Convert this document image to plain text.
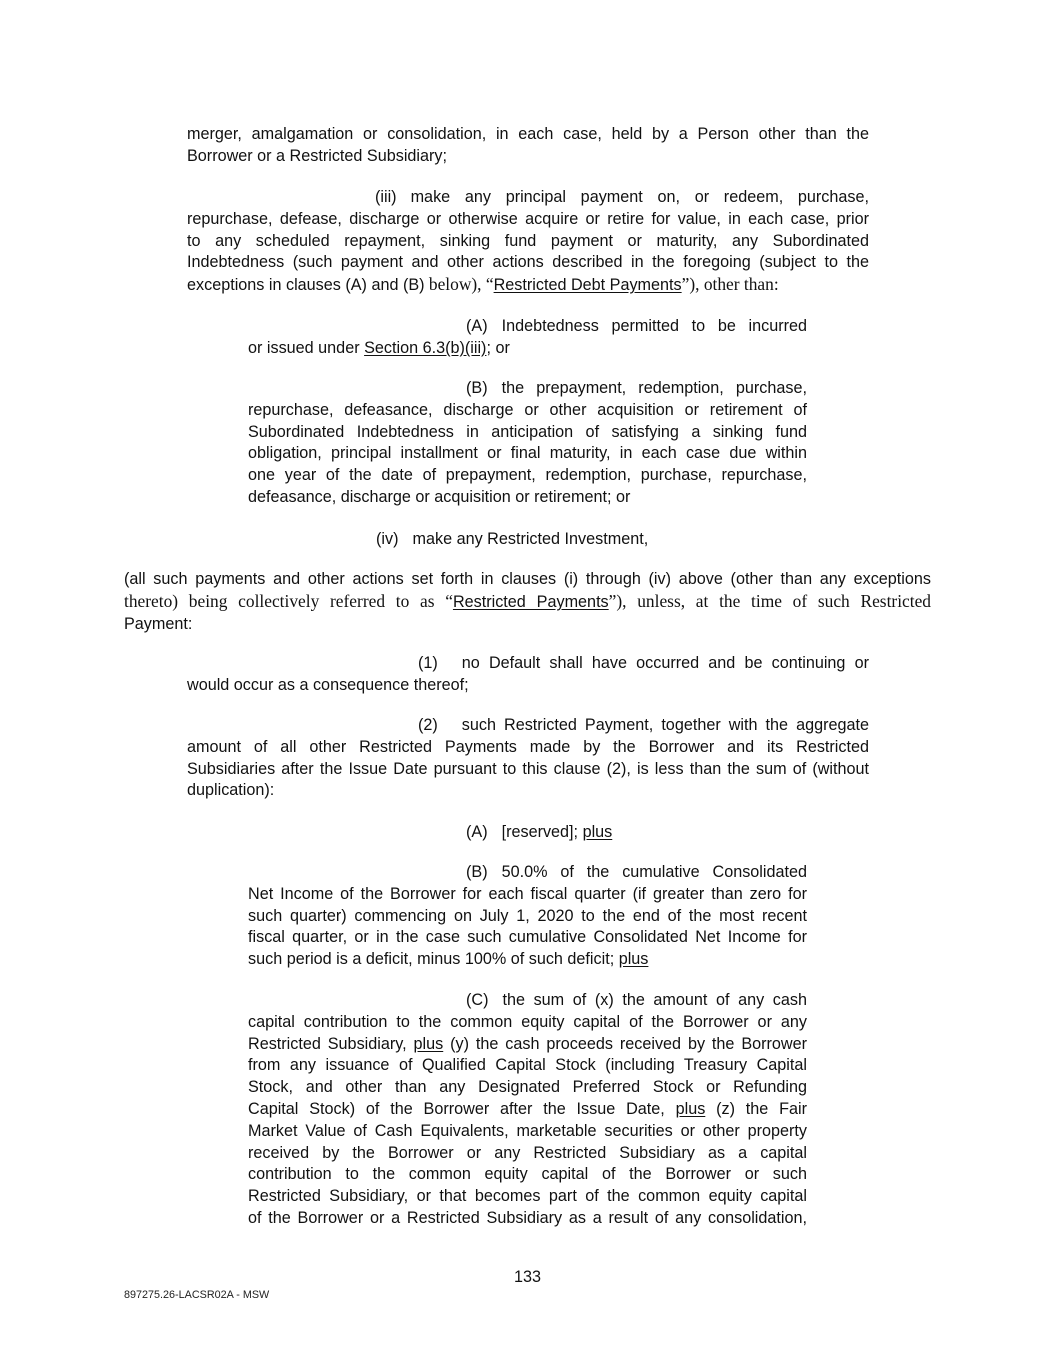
merger, amalgamation or consolidation, in each case, held by a Person other than the
Borrower or a Restricted Subsidiary;
(iii) make any principal payment on, or redeem, purchase,
repurchase, defease, discharge or otherwise acquire or retire for value, in each case, prior
to any scheduled repayment, sinking fund payment or maturity, any Subordinated
Indebtedness (such payment and other actions described in the foregoing (subject to the
exceptions in clauses (A) and (B) below), “Restricted Debt Payments”), other than:
(A) Indebtedness permitted to be incurred
or issued under Section 6.3(b)(iii); or
(B) the prepayment, redemption, purchase,
repurchase, defeasance, discharge or other acquisition or retirement of
Subordinated Indebtedness in anticipation of satisfying a sinking fund
obligation, principal installment or final maturity, in each case due within
one year of the date of prepayment, redemption, purchase, repurchase,
defeasance, discharge or acquisition or retirement; or
(iv) make any Restricted Investment,
(all such payments and other actions set forth in clauses (i) through (iv) above (other than any exceptions
thereto) being collectively referred to as “Restricted Payments”), unless, at the time of such Restricted
Payment:
(1) no Default shall have occurred and be continuing or
would occur as a consequence thereof;
(2) such Restricted Payment, together with the aggregate
amount of all other Restricted Payments made by the Borrower and its Restricted
Subsidiaries after the Issue Date pursuant to this clause (2), is less than the sum of (without
duplication):
(A) [reserved]; plus
(B) 50.0% of the cumulative Consolidated
Net Income of the Borrower for each fiscal quarter (if greater than zero for
such quarter) commencing on July 1, 2020 to the end of the most recent
fiscal quarter, or in the case such cumulative Consolidated Net Income for
such period is a deficit, minus 100% of such deficit; plus
(C) the sum of (x) the amount of any cash
capital contribution to the common equity capital of the Borrower or any
Restricted Subsidiary, plus (y) the cash proceeds received by the Borrower
from any issuance of Qualified Capital Stock (including Treasury Capital
Stock, and other than any Designated Preferred Stock or Refunding
Capital Stock) of the Borrower after the Issue Date, plus (z) the Fair
Market Value of Cash Equivalents, marketable securities or other property
received by the Borrower or any Restricted Subsidiary as a capital
contribution to the common equity capital of the Borrower or such
Restricted Subsidiary, or that becomes part of the common equity capital
of the Borrower or a Restricted Subsidiary as a result of any consolidation,
133
897275.26-LACSR02A - MSW
